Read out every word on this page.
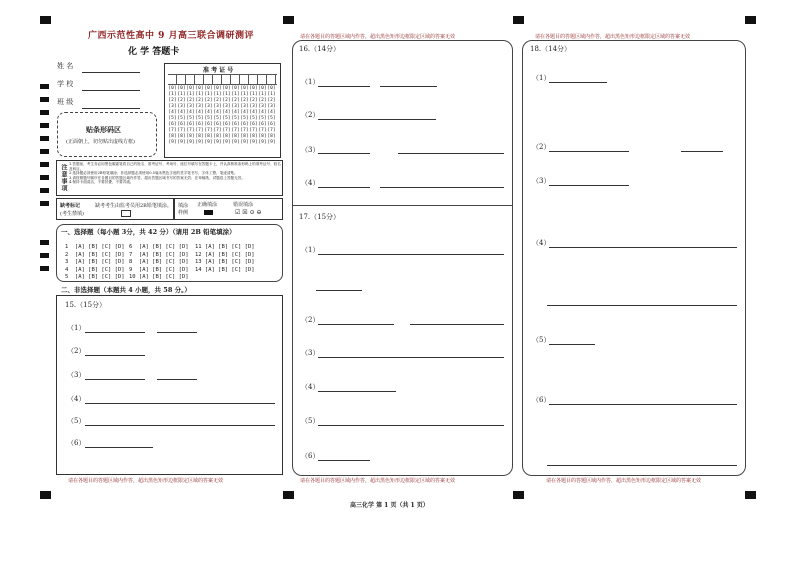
广西示范性高中 9 月高三联合调研测评
化 学 答题卡
姓 名
学 校
班 级
贴条形码区
(正面朝上，切勿贴出虚线方框)
准 考 证 号
[0] [0] [0] [0] [0] [0] [0] [0] [0] [0] [0] [0]
[1] [1] [1] [1] [1] [1] [1] [1] [1] [1] [1] [1]
[2] [2] [2] [2] [2] [2] [2] [2] [2] [2] [2] [2]
[3] [3] [3] [3] [3] [3] [3] [3] [3] [3] [3] [3]
[4] [4] [4] [4] [4] [4] [4] [4] [4] [4] [4] [4]
[5] [5] [5] [5] [5] [5] [5] [5] [5] [5] [5] [5]
[6] [6] [6] [6] [6] [6] [6] [6] [6] [6] [6] [6]
[7] [7] [7] [7] [7] [7] [7] [7] [7] [7] [7] [7]
[8] [8] [8] [8] [8] [8] [8] [8] [8] [8] [8] [8]
[9] [9] [9] [9] [9] [9] [9] [9] [9] [9] [9] [9]
注意事项 1.答题前，考生务必用黑色碳素笔将自己的姓名、准考证号、考场号、座位号填写在答题卡上，并认真核准条形码上的准考证号、姓名及科目。
2.选择题必须使用2B铅笔填涂；非选择题必须使用0.5毫米黑色字迹的签字笔书写，字体工整，笔迹清楚。
3.请按照题号顺序在各题目的答题区域内作答，超出答题区域书写的答案无效；在草稿纸、试题卷上答题无效。
4.保持卡面清洁，不要折叠、不要弄破。
缺考标记
(考生禁填)
缺考考生由监考员用2B铅笔填涂。 填涂样例
正确填涂	错误填涂
☑ ☒ ⊙ ⊖
一、选择题（每小题 3分，共 42 分）（请用 2B 铅笔填涂）
1  [A] [B] [C] [D]
2  [A] [B] [C] [D]
3  [A] [B] [C] [D]
4  [A] [B] [C] [D]
5  [A] [B] [C] [D]
6  [A] [B] [C] [D]
7  [A] [B] [C] [D]
8  [A] [B] [C] [D]
9  [A] [B] [C] [D]
10 [A] [B] [C] [D]
11 [A] [B] [C] [D]
12 [A] [B] [C] [D]
13 [A] [B] [C] [D]
14 [A] [B] [C] [D]
二、非选择题（本题共 4 小题，共 58 分。）
15.（15分）
（1）
（2）
（3）
（4）
（5）
（6）
请在各题目的答题区域内作答，超出黑色矩形边框限定区域的答案无效
请在各题目的答题区域内作答，超出黑色矩形边框限定区域的答案无效
16.（14分）
（1）
（2）
（3）
（4）
17.（15分）
（1）
（2）
（3）
（4）
（5）
（6）
请在各题目的答题区域内作答，超出黑色矩形边框限定区域的答案无效
请在各题目的答题区域内作答，超出黑色矩形边框限定区域的答案无效
18.（14分）
（1）
（2）
（3）
（4）
（5）
（6）
请在各题目的答题区域内作答，超出黑色矩形边框限定区域的答案无效
高三化学 第 1 页（共 1 页）
